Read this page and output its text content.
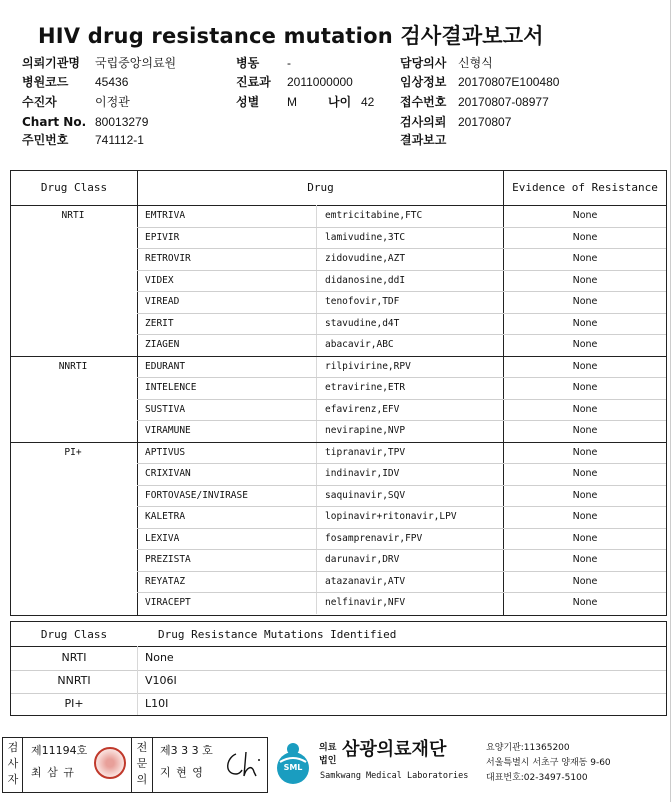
HIV drug resistance mutation 검사결과보고서
의뢰기관명 국립중앙의료원
병원코드 45436
수진자	이정관
Chart No. 80013279
주민번호 741112-1
병동 -
진료과 2011000000
성별 M	나이 42
담당의사 신형식
임상정보 20170807E100480
접수번호 20170807-08977
검사의뢰 20170807
결과보고
NRTI	EMTRIVA	emtricitabine,FTC	None
EPIVIR	lamivudine,3TC	None
RETROVIR	zidovudine,AZT	None
VIDEX	didanosine,ddI	None
VIREAD	tenofovir,TDF	None
ZERIT	stavudine,d4T	None
ZIAGEN	abacavir,ABC	None
NNRTI	EDURANT	rilpivirine,RPV	None
INTELENCE	etravirine,ETR	None
SUSTIVA	efavirenz,EFV	None
VIRAMUNE	nevirapine,NVP	None
PI+	APTIVUS	tipranavir,TPV	None
CRIXIVAN	indinavir,IDV	None
FORTOVASE/INVIRASE	saquinavir,SQV	None
KALETRA	lopinavir+ritonavir,LPV	None
LEXIVA	fosamprenavir,FPV	None
PREZISTA	darunavir,DRV	None
REYATAZ	atazanavir,ATV	None
VIRACEPT	nelfinavir,NFV	None
Drug Class	Drug	Evidence of Resistance
Drug Class	Drug Resistance Mutations Identified
NRTI	None
NNRTI	V106I
PI+	L10I
검
사
자
제11194호
최 삼 규
전
문
의
제3 3 3 호
지 현 영	SML
의료
법인
삼광의료재단
Samkwang Medical Laboratories
요양기관:11365200
서울특별시 서초구 양재동 9-60
대표번호:02-3497-5100
